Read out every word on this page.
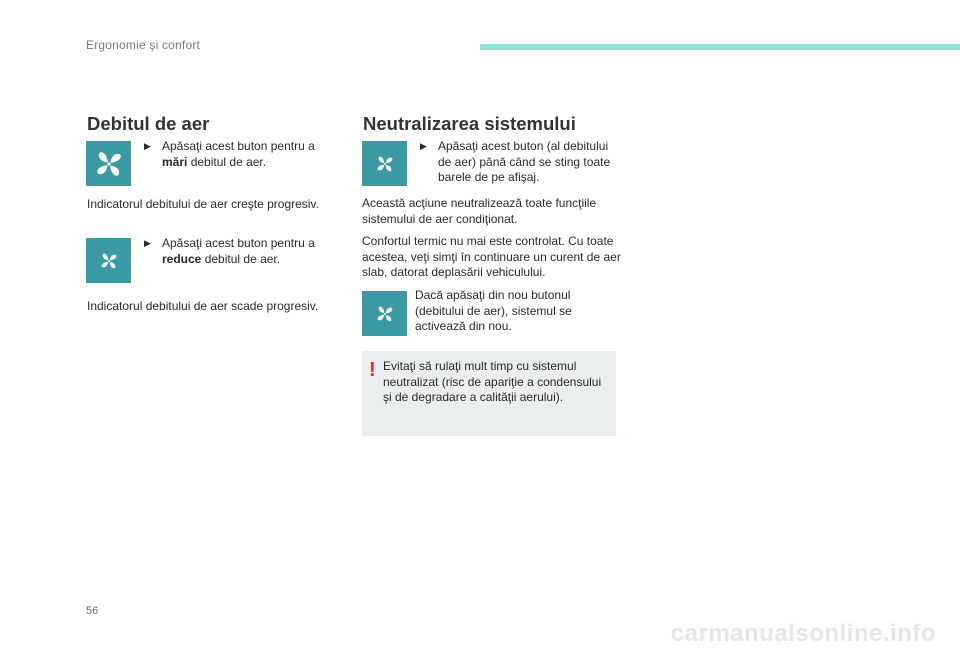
Ergonomie şi confort
Debitul de aer
▶ Apăsaţi acest buton pentru a
mări debitul de aer.
Indicatorul debitului de aer creşte progresiv.
▶ Apăsaţi acest buton pentru a
reduce debitul de aer.
Indicatorul debitului de aer scade progresiv.
Neutralizarea sistemului
▶ Apăsaţi acest buton (al debitului de aer) până când se sting toate barele de pe afişaj.
Această acţiune neutralizează toate funcţiile sistemului de aer condiţionat.
Confortul termic nu mai este controlat. Cu toate acestea, veţi simţi în continuare un curent de aer slab, datorat deplasării vehiculului.
Dacă apăsaţi din nou butonul (debitului de aer), sistemul se activează din nou.
! Evitaţi să rulaţi mult timp cu sistemul neutralizat (risc de apariţie a condensului şi de degradare a calităţii aerului).
56
carmanualsonline.info
